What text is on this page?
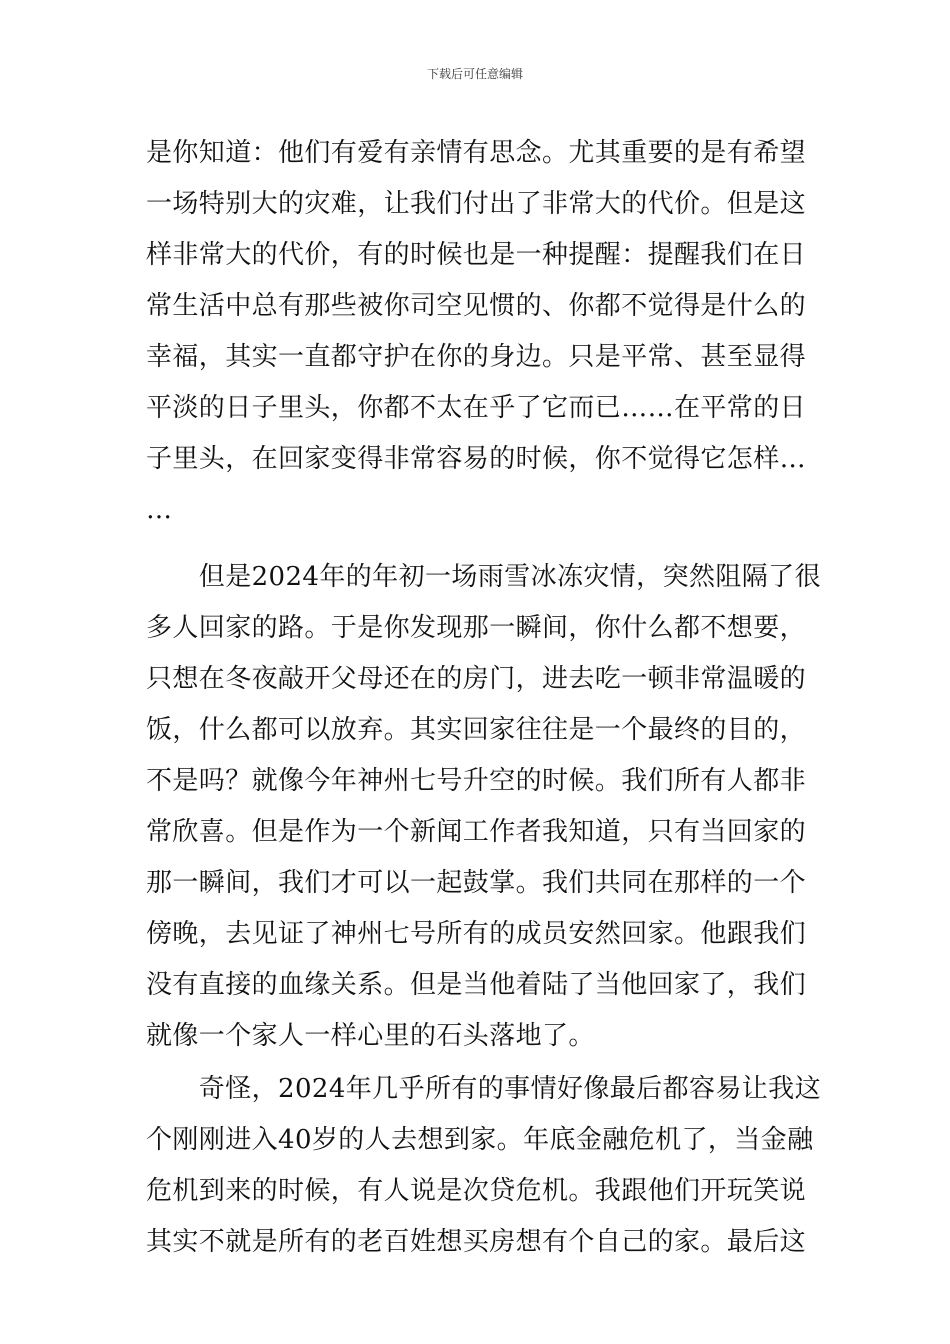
下载后可任意编辑
是你知道：他们有爱有亲情有思念。尤其重要的是有希望
一场特别大的灾难，让我们付出了非常大的代价。但是这
样非常大的代价，有的时候也是一种提醒：提醒我们在日
常生活中总有那些被你司空见惯的、你都不觉得是什么的
幸福，其实一直都守护在你的身边。只是平常、甚至显得
平淡的日子里头，你都不太在乎了它而已……在平常的日
子里头，在回家变得非常容易的时候，你不觉得它怎样…
…
　　但是2024年的年初一场雨雪冰冻灾情，突然阻隔了很
多人回家的路。于是你发现那一瞬间，你什么都不想要，
只想在冬夜敲开父母还在的房门，进去吃一顿非常温暖的
饭，什么都可以放弃。其实回家往往是一个最终的目的，
不是吗？就像今年神州七号升空的时候。我们所有人都非
常欣喜。但是作为一个新闻工作者我知道，只有当回家的
那一瞬间，我们才可以一起鼓掌。我们共同在那样的一个
傍晚，去见证了神州七号所有的成员安然回家。他跟我们
没有直接的血缘关系。但是当他着陆了当他回家了，我们
就像一个家人一样心里的石头落地了。
　　奇怪，2024年几乎所有的事情好像最后都容易让我这
个刚刚进入40岁的人去想到家。年底金融危机了，当金融
危机到来的时候，有人说是次贷危机。我跟他们开玩笑说
其实不就是所有的老百姓想买房想有个自己的家。最后这
